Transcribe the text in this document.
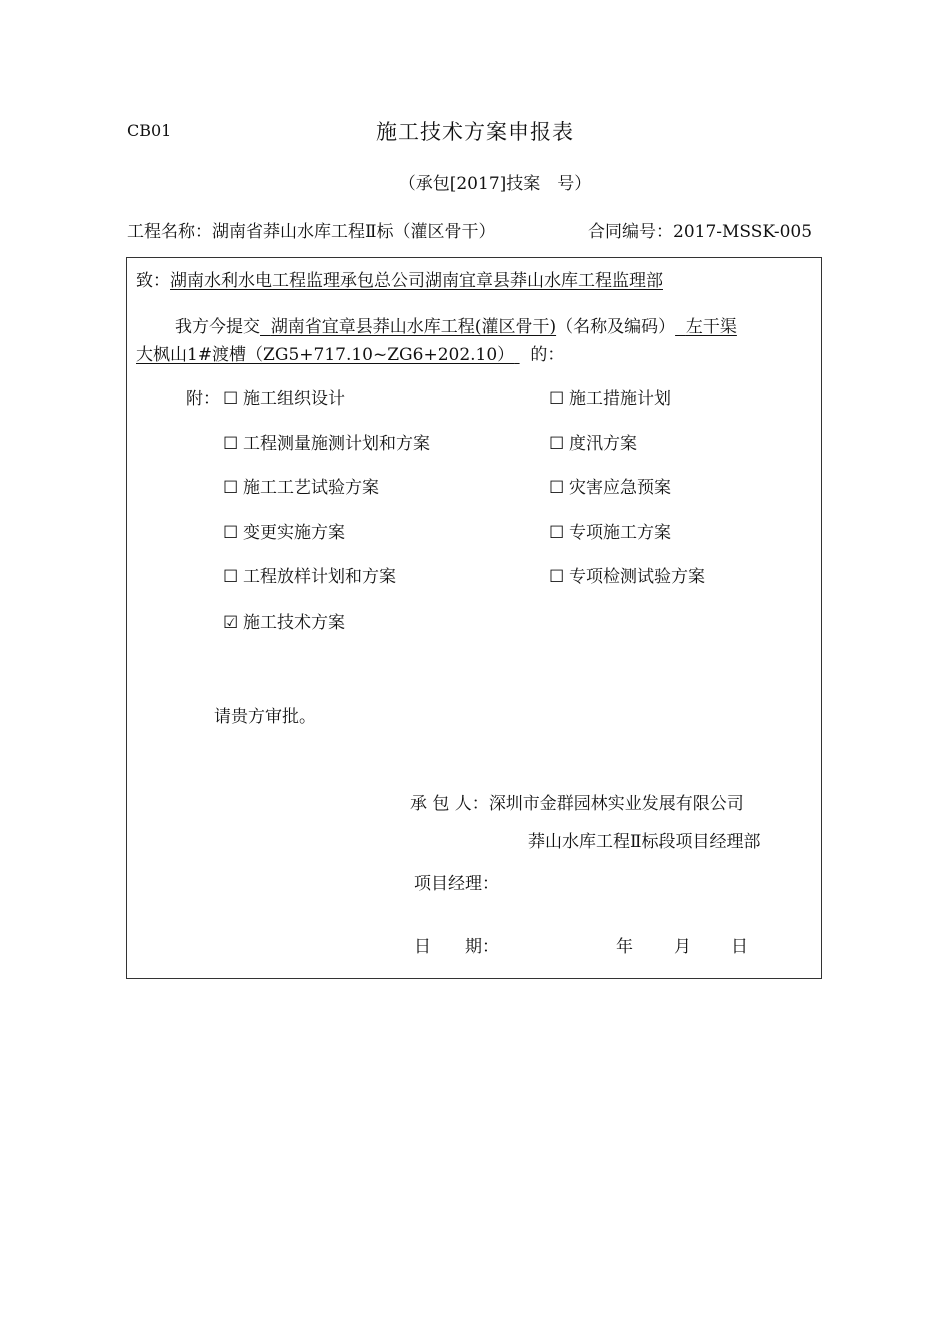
CB01	施工技术方案申报表
（承包[2017]技案　号）
工程名称：湖南省莽山水库工程Ⅱ标（灌区骨干）	合同编号：2017-MSSK-005
致：湖南水利水电工程监理承包总公司湖南宜章县莽山水库工程监理部
我方今提交 湖南省宜章县莽山水库工程(灌区骨干)（名称及编码） 左干渠
大枫山1#渡槽（ZG5+717.10~ZG6+202.10） 的：
附： ☐ 施工组织设计	☐ 施工措施计划
☐ 工程测量施测计划和方案	☐ 度汛方案
☐ 施工工艺试验方案	☐ 灾害应急预案
☐ 变更实施方案	☐ 专项施工方案
☐ 工程放样计划和方案	☐ 专项检测试验方案
☑ 施工技术方案
请贵方审批。
承 包 人：深圳市金群园林实业发展有限公司
莽山水库工程Ⅱ标段项目经理部
项目经理：
日　　期：	年 月 日
